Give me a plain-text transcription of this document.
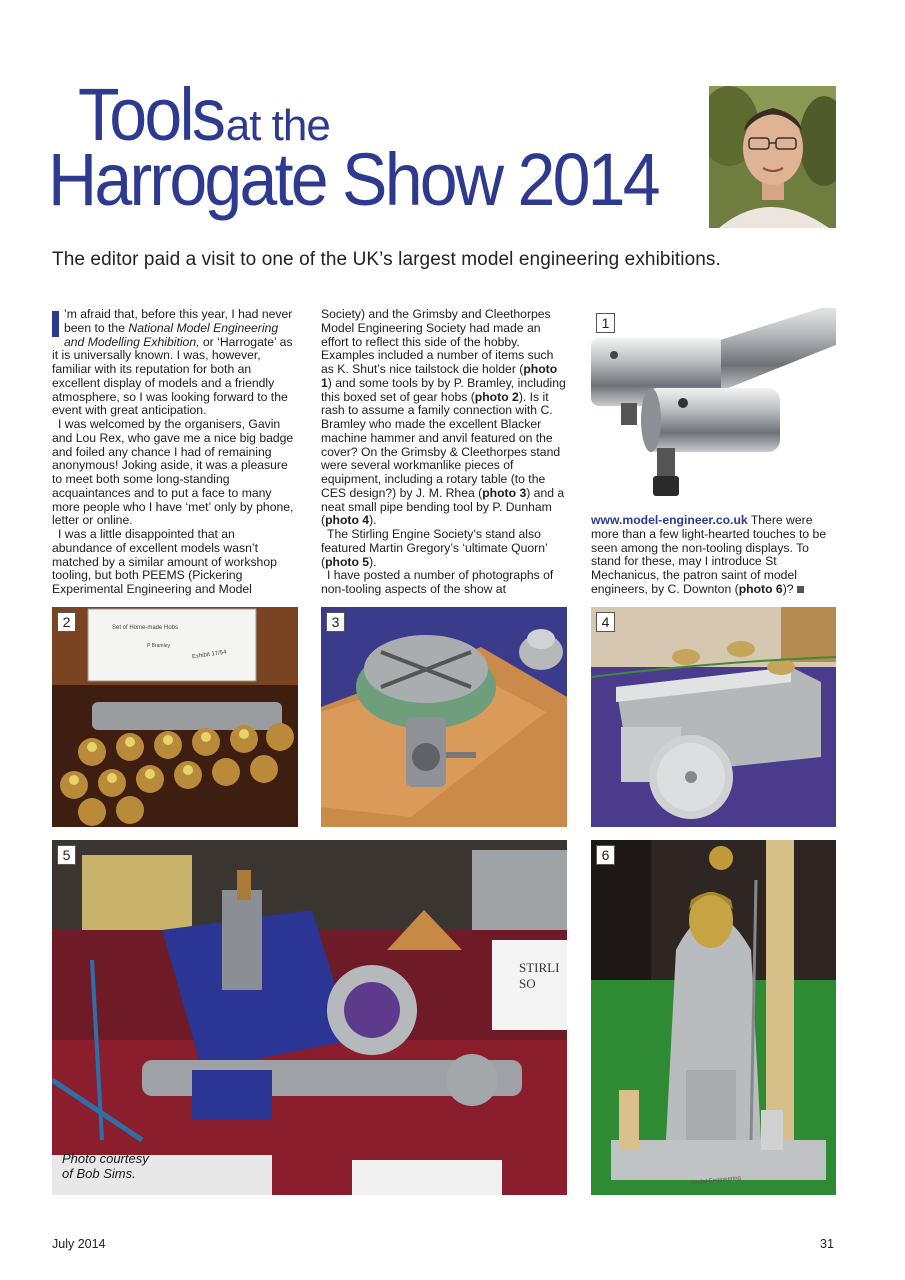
Toolsat the
Harrogate Show 2014
The editor paid a visit to one of the UK’s largest model engineering exhibitions.

’m afraid that, before this year, I had never been to the National Model Engineering and Modelling Exhibition, or ‘Harrogate’ as it is universally known. I was, however, familiar with its reputation for both an excellent display of models and a friendly atmosphere, so I was looking forward to the event with great anticipation.

I was welcomed by the organisers, Gavin and Lou Rex, who gave me a nice big badge and foiled any chance I had of remaining anonymous! Joking aside, it was a pleasure to meet both some long-standing acquaintances and to put a face to many more people who I have ‘met’ only by phone, letter or online.

I was a little disappointed that an abundance of excellent models wasn’t matched by a similar amount of workshop tooling, but both PEEMS (Pickering Experimental Engineering and Model

Society) and the Grimsby and Cleethorpes Model Engineering Society had made an effort to reflect this side of the hobby. Examples included a number of items such as K. Shut’s nice tailstock die holder (photo 1) and some tools by by P. Bramley, including this boxed set of gear hobs (photo 2). Is it rash to assume a family connection with C. Bramley who made the excellent Blacker machine hammer and anvil featured on the cover? On the Grimsby & Cleethorpes stand were several workmanlike pieces of equipment, including a rotary table (to the CES design?) by J. M. Rhea (photo 3) and a neat small pipe bending tool by P. Dunham (photo 4).

The Stirling Engine Society’s stand also featured Martin Gregory’s ‘ultimate Quorn’ (photo 5).

I have posted a number of photographs of non-tooling aspects of the show at

www.model-engineer.co.uk There were more than a few light-hearted touches to be seen among the non-tooling displays. To stand for these, may I introduce St Mechanicus, the patron saint of model engineers, by C. Downton (photo 6)?

1
2	Set of Home-made Hobs
P Bramley
Exhibit 17/54
3	4
5
STIRLI
SO
Photo courtesy
of Bob Sims.
6
Model Engineering
July 2014	31
